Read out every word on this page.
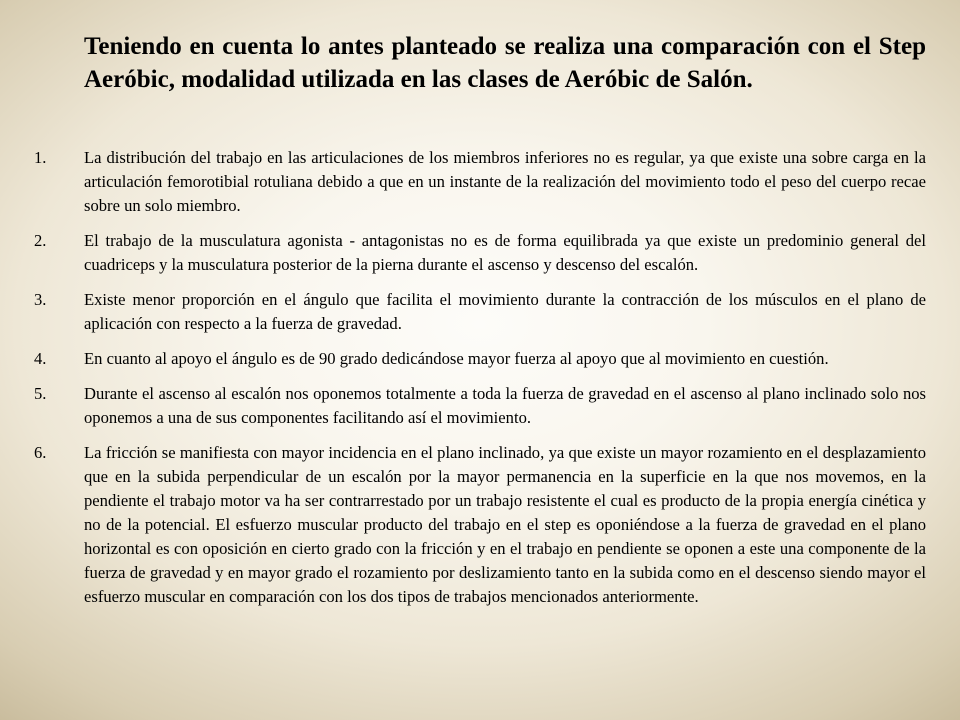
Teniendo en cuenta lo antes planteado se realiza una comparación con el Step Aeróbic, modalidad utilizada en las clases de Aeróbic de Salón.

1.	La distribución del trabajo en las articulaciones de los miembros inferiores no es regular, ya que existe una sobre carga en la articulación femorotibial rotuliana debido a que en un instante de la realización del movimiento todo el peso del cuerpo recae sobre un solo miembro.
2.	El trabajo de la musculatura agonista - antagonistas no es de forma equilibrada ya que existe un predominio general del cuadriceps y la musculatura posterior de la pierna durante el ascenso y descenso del escalón.
3.	Existe menor proporción en el ángulo que facilita el movimiento durante la contracción de los músculos en el plano de aplicación con respecto a la fuerza de gravedad.
4.	En cuanto al apoyo el ángulo es de 90 grado dedicándose mayor fuerza al apoyo que al movimiento en cuestión.
5.	Durante el ascenso al escalón nos oponemos totalmente a toda la fuerza de gravedad en el ascenso al plano inclinado solo nos oponemos a una de sus componentes facilitando así el movimiento.
6.	La fricción se manifiesta con mayor incidencia en el plano inclinado, ya que existe un mayor rozamiento en el desplazamiento que en la subida perpendicular de un escalón por la mayor permanencia en la superficie en la que nos movemos, en la pendiente el trabajo motor va ha ser contrarrestado por un trabajo resistente el cual es producto de la propia energía cinética y no de la potencial. El esfuerzo muscular producto del trabajo en el step es oponiéndose a la fuerza de gravedad en el plano horizontal es con oposición en cierto grado con la fricción y en el trabajo en pendiente se oponen a este una componente de la fuerza de gravedad y en mayor grado el rozamiento por deslizamiento tanto en la subida como en el descenso siendo mayor el esfuerzo muscular en comparación con los dos tipos de trabajos mencionados anteriormente.
